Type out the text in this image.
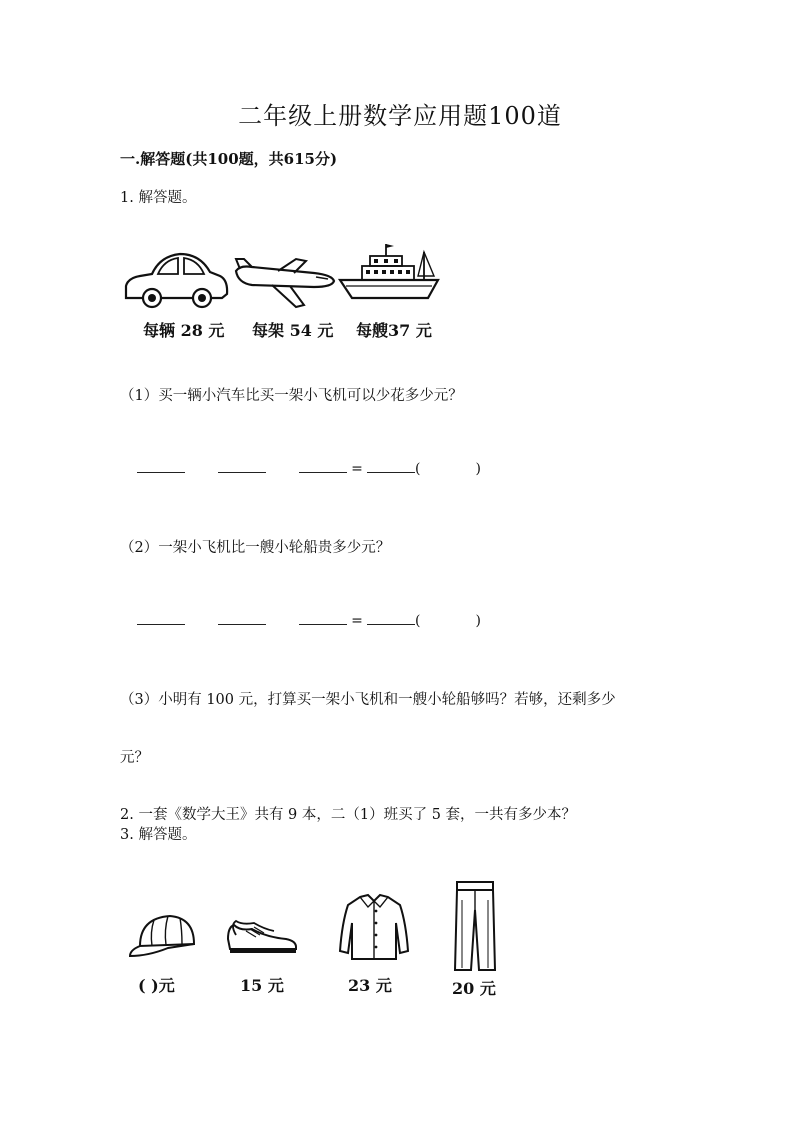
二年级上册数学应用题100道
一.解答题(共100题，共615分)
1. 解答题。
每辆 28 元 每架 54 元 每艘37 元
（1）买一辆小汽车比买一架小飞机可以少花多少元？
=	(	)
（2）一架小飞机比一艘小轮船贵多少元？
=	(	)
（3）小明有 100 元，打算买一架小飞机和一艘小轮船够吗？若够，还剩多少
元？
2. 一套《数学大王》共有 9 本，二（1）班买了 5 套，一共有多少本？
3. 解答题。
( )元	15 元	23 元	20 元
